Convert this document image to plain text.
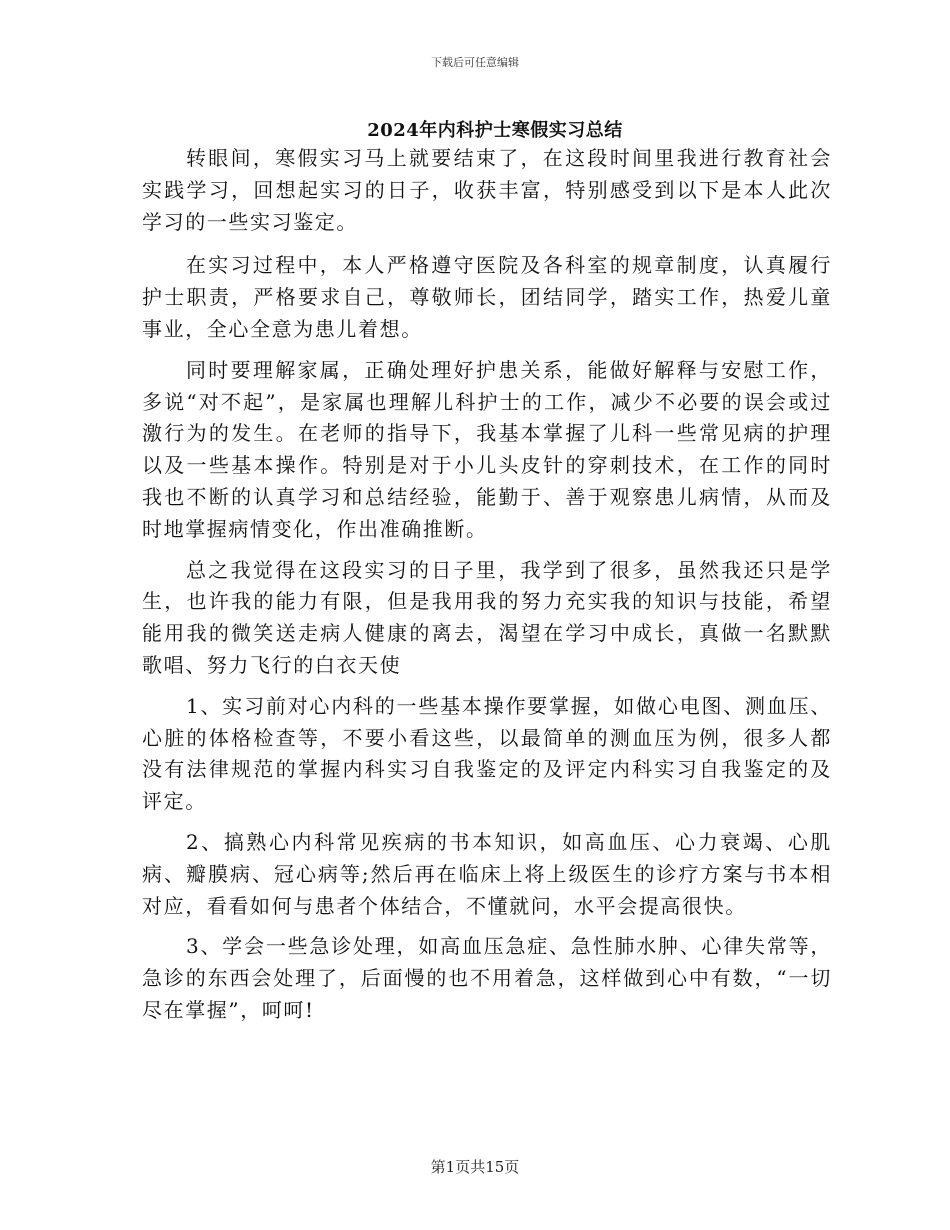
下载后可任意编辑
2024年内科护士寒假实习总结

转眼间，寒假实习马上就要结束了，在这段时间里我进行教育社会实践学习，回想起实习的日子，收获丰富，特别感受到以下是本人此次学习的一些实习鉴定。

在实习过程中，本人严格遵守医院及各科室的规章制度，认真履行护士职责，严格要求自己，尊敬师长，团结同学，踏实工作，热爱儿童事业，全心全意为患儿着想。

同时要理解家属，正确处理好护患关系，能做好解释与安慰工作，多说“对不起”，是家属也理解儿科护士的工作，减少不必要的误会或过激行为的发生。在老师的指导下，我基本掌握了儿科一些常见病的护理以及一些基本操作。特别是对于小儿头皮针的穿刺技术，在工作的同时我也不断的认真学习和总结经验，能勤于、善于观察患儿病情，从而及时地掌握病情变化，作出准确推断。

总之我觉得在这段实习的日子里，我学到了很多，虽然我还只是学生，也许我的能力有限，但是我用我的努力充实我的知识与技能，希望能用我的微笑送走病人健康的离去，渴望在学习中成长，真做一名默默歌唱、努力飞行的白衣天使

1、实习前对心内科的一些基本操作要掌握，如做心电图、测血压、心脏的体格检查等，不要小看这些，以最简单的测血压为例，很多人都没有法律规范的掌握内科实习自我鉴定的及评定内科实习自我鉴定的及评定。

2、搞熟心内科常见疾病的书本知识，如高血压、心力衰竭、心肌病、瓣膜病、冠心病等;然后再在临床上将上级医生的诊疗方案与书本相对应，看看如何与患者个体结合，不懂就问，水平会提高很快。

3、学会一些急诊处理，如高血压急症、急性肺水肿、心律失常等，急诊的东西会处理了，后面慢的也不用着急，这样做到心中有数，“一切尽在掌握”，呵呵!

第1页共15页
